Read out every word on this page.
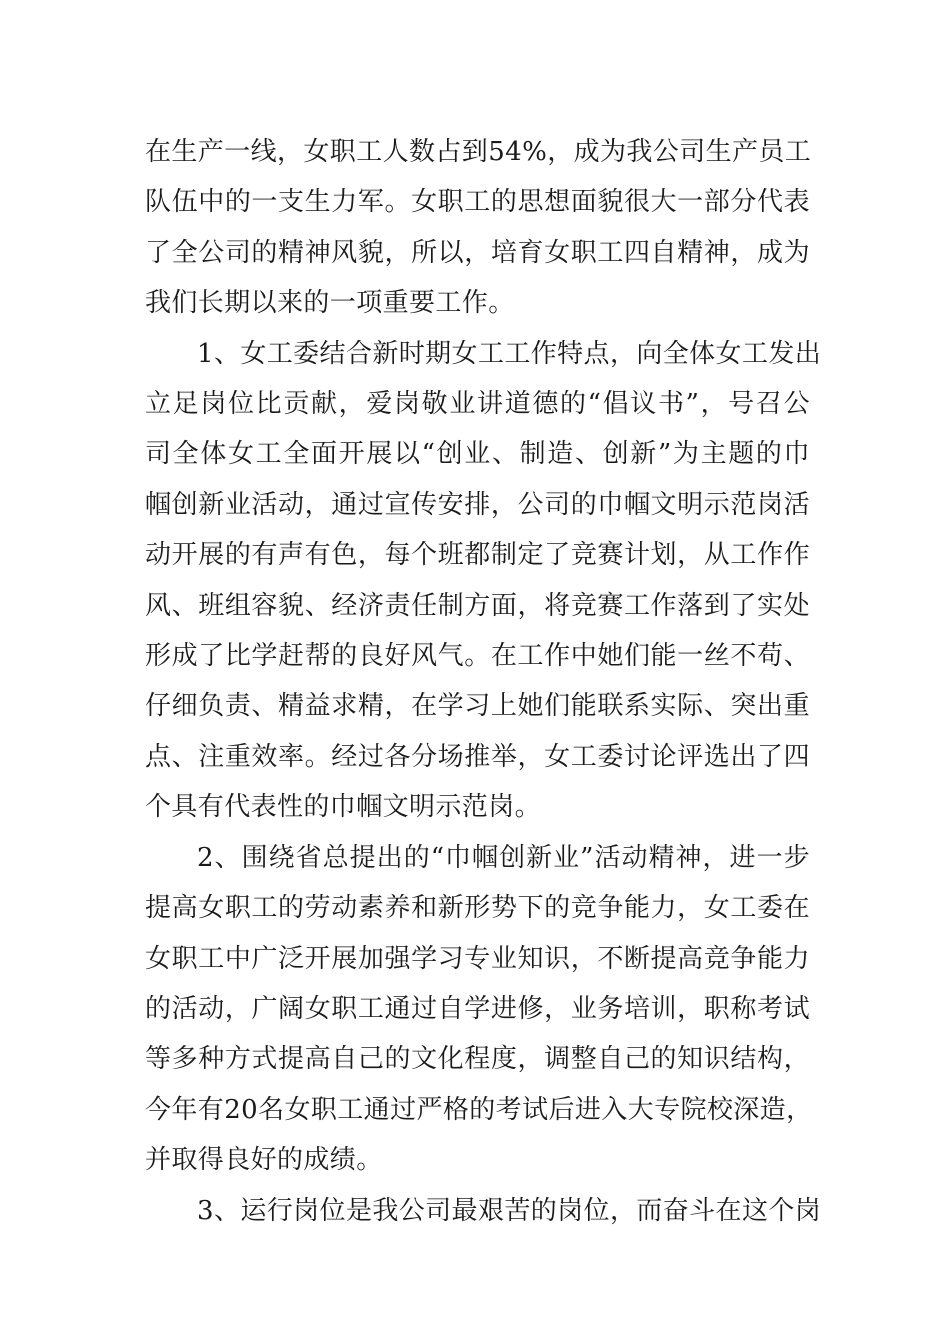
在生产一线，女职工人数占到54%，成为我公司生产员工
队伍中的一支生力军。女职工的思想面貌很大一部分代表
了全公司的精神风貌，所以，培育女职工四自精神，成为
我们长期以来的一项重要工作。
1、女工委结合新时期女工工作特点，向全体女工发出
立足岗位比贡献，爱岗敬业讲道德的“倡议书”，号召公
司全体女工全面开展以“创业、制造、创新”为主题的巾
帼创新业活动，通过宣传安排，公司的巾帼文明示范岗活
动开展的有声有色，每个班都制定了竞赛计划，从工作作
风、班组容貌、经济责任制方面，将竞赛工作落到了实处
形成了比学赶帮的良好风气。在工作中她们能一丝不苟、
仔细负责、精益求精，在学习上她们能联系实际、突出重
点、注重效率。经过各分场推举，女工委讨论评选出了四
个具有代表性的巾帼文明示范岗。
2、围绕省总提出的“巾帼创新业”活动精神，进一步
提高女职工的劳动素养和新形势下的竞争能力，女工委在
女职工中广泛开展加强学习专业知识，不断提高竞争能力
的活动，广阔女职工通过自学进修，业务培训，职称考试
等多种方式提高自己的文化程度，调整自己的知识结构，
今年有20名女职工通过严格的考试后进入大专院校深造，
并取得良好的成绩。
3、运行岗位是我公司最艰苦的岗位，而奋斗在这个岗
